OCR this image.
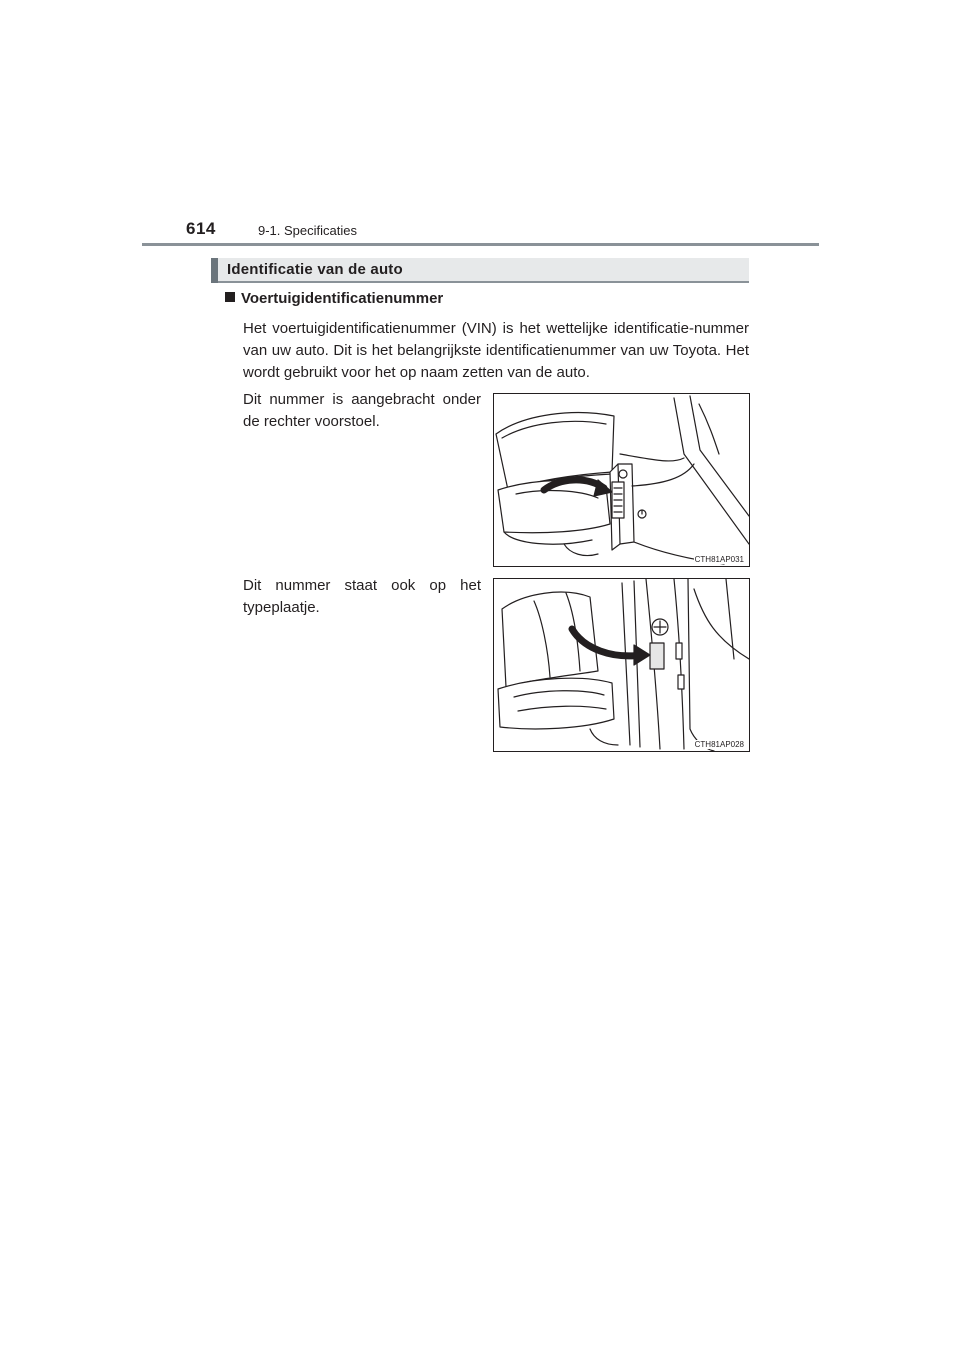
614	9-1. Specificaties
Identificatie van de auto
Voertuigidentificatienummer
Het voertuigidentificatienummer (VIN) is het wettelijke identificatie-nummer van uw auto. Dit is het belangrijkste identificatienummer van uw Toyota. Het wordt gebruikt voor het op naam zetten van de auto.
Dit nummer is aangebracht onder de rechter voorstoel.
CTH81AP031
Dit nummer staat ook op het typeplaatje.
CTH81AP028
